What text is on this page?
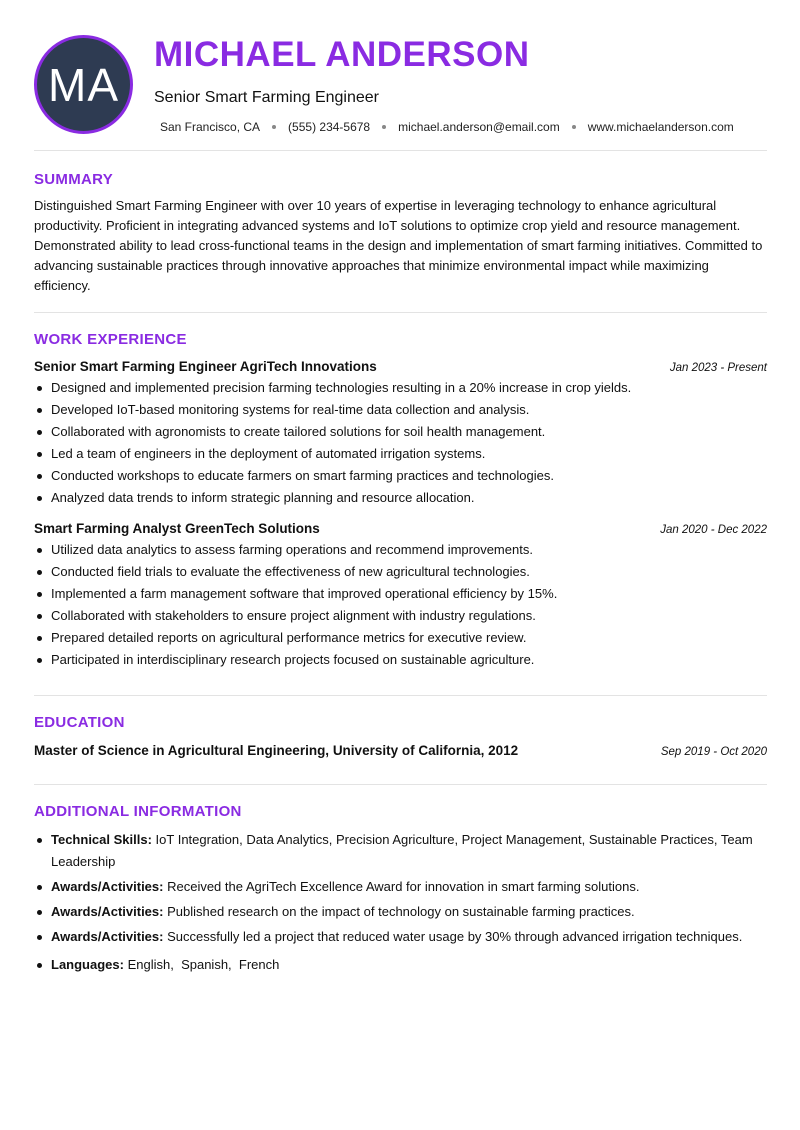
MA
MICHAEL ANDERSON
Senior Smart Farming Engineer
San Francisco, CA (555) 234-5678 michael.anderson@email.com www.michaelanderson.com
SUMMARY
Distinguished Smart Farming Engineer with over 10 years of expertise in leveraging technology to enhance agricultural productivity. Proficient in integrating advanced systems and IoT solutions to optimize crop yield and resource management. Demonstrated ability to lead cross-functional teams in the design and implementation of smart farming initiatives. Committed to advancing sustainable practices through innovative approaches that minimize environmental impact while maximizing efficiency.
WORK EXPERIENCE
Senior Smart Farming Engineer AgriTech Innovations	Jan 2023 - Present
Designed and implemented precision farming technologies resulting in a 20% increase in crop yields.
Developed IoT-based monitoring systems for real-time data collection and analysis.
Collaborated with agronomists to create tailored solutions for soil health management.
Led a team of engineers in the deployment of automated irrigation systems.
Conducted workshops to educate farmers on smart farming practices and technologies.
Analyzed data trends to inform strategic planning and resource allocation.
Smart Farming Analyst GreenTech Solutions	Jan 2020 - Dec 2022
Utilized data analytics to assess farming operations and recommend improvements.
Conducted field trials to evaluate the effectiveness of new agricultural technologies.
Implemented a farm management software that improved operational efficiency by 15%.
Collaborated with stakeholders to ensure project alignment with industry regulations.
Prepared detailed reports on agricultural performance metrics for executive review.
Participated in interdisciplinary research projects focused on sustainable agriculture.
EDUCATION
Master of Science in Agricultural Engineering, University of California, 2012	Sep 2019 - Oct 2020
ADDITIONAL INFORMATION
Technical Skills: IoT Integration, Data Analytics, Precision Agriculture, Project Management, Sustainable Practices, Team Leadership
Awards/Activities: Received the AgriTech Excellence Award for innovation in smart farming solutions.
Awards/Activities: Published research on the impact of technology on sustainable farming practices.
Awards/Activities: Successfully led a project that reduced water usage by 30% through advanced irrigation techniques.
Languages: English,  Spanish,  French
